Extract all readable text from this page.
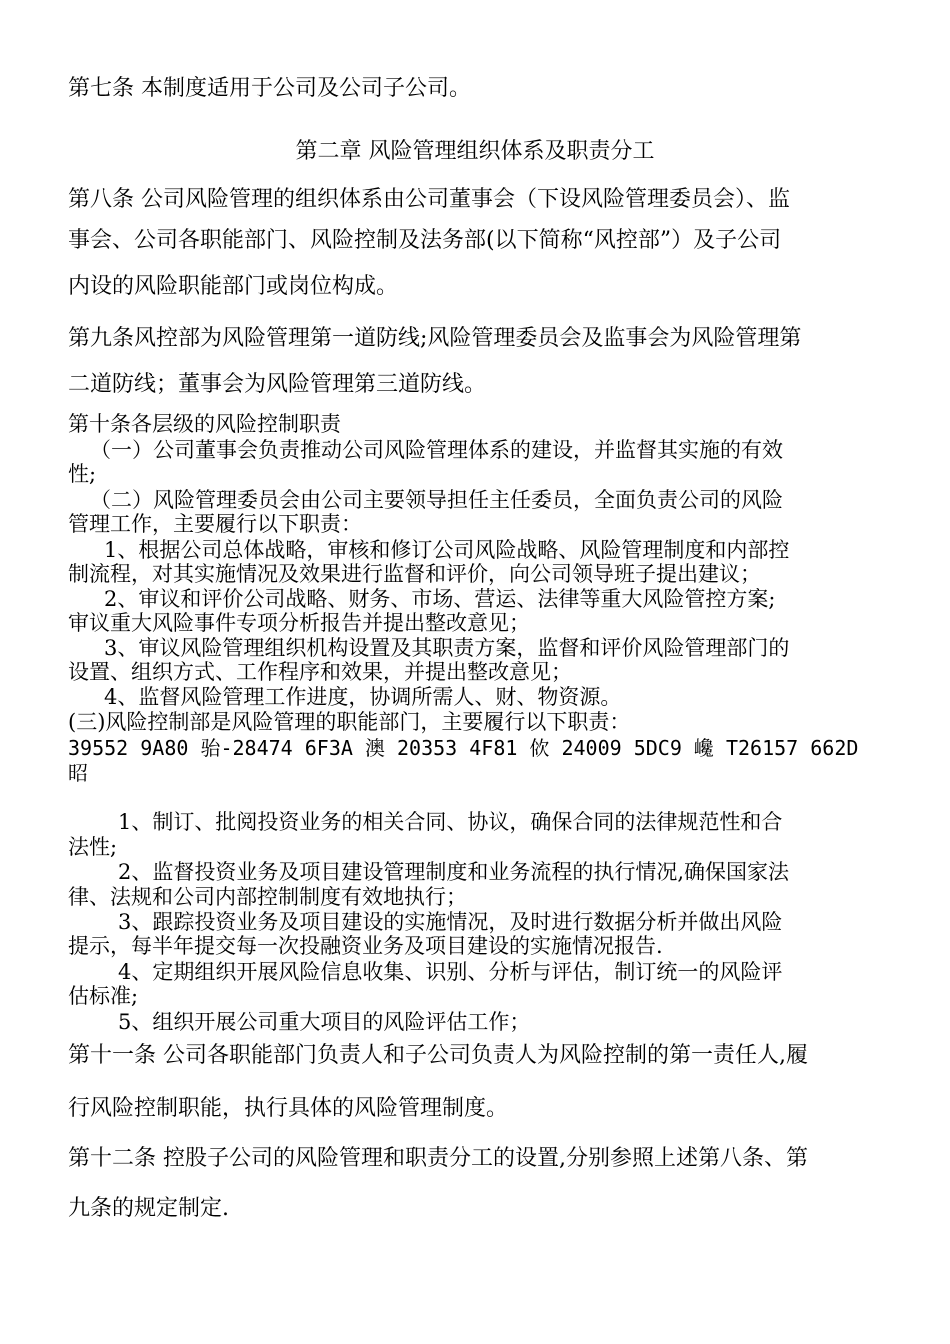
第七条 本制度适用于公司及公司子公司。
第二章 风险管理组织体系及职责分工
第八条 公司风险管理的组织体系由公司董事会（下设风险管理委员会）、监
事会、公司各职能部门、风险控制及法务部(以下简称“风控部”）及子公司
内设的风险职能部门或岗位构成。
第九条风控部为风险管理第一道防线;风险管理委员会及监事会为风险管理第
二道防线；董事会为风险管理第三道防线。
第十条各层级的风险控制职责
（一）公司董事会负责推动公司风险管理体系的建设，并监督其实施的有效
性;
（二）风险管理委员会由公司主要领导担任主任委员，全面负责公司的风险
管理工作，主要履行以下职责：
1、根据公司总体战略，审核和修订公司风险战略、风险管理制度和内部控
制流程，对其实施情况及效果进行监督和评价，向公司领导班子提出建议；
2、审议和评价公司战略、财务、市场、营运、法律等重大风险管控方案;
审议重大风险事件专项分析报告并提出整改意见；
3、审议风险管理组织机构设置及其职责方案，监督和评价风险管理部门的
设置、组织方式、工作程序和效果，并提出整改意见；
4、监督风险管理工作进度，协调所需人、财、物资源。
(三)风险控制部是风险管理的职能部门，主要履行以下职责：
39552 9A80 骀-28474 6F3A 澳 20353 4F81 佽 24009 5DC9 巉 T26157 662D
昭
1、制订、批阅投资业务的相关合同、协议，确保合同的法律规范性和合
法性;
2、监督投资业务及项目建设管理制度和业务流程的执行情况,确保国家法
律、法规和公司内部控制制度有效地执行；
3、跟踪投资业务及项目建设的实施情况，及时进行数据分析并做出风险
提示，每半年提交每一次投融资业务及项目建设的实施情况报告.
4、定期组织开展风险信息收集、识别、分析与评估，制订统一的风险评
估标准;
5、组织开展公司重大项目的风险评估工作；
第十一条 公司各职能部门负责人和子公司负责人为风险控制的第一责任人,履
行风险控制职能，执行具体的风险管理制度。
第十二条 控股子公司的风险管理和职责分工的设置,分别参照上述第八条、第
九条的规定制定.
